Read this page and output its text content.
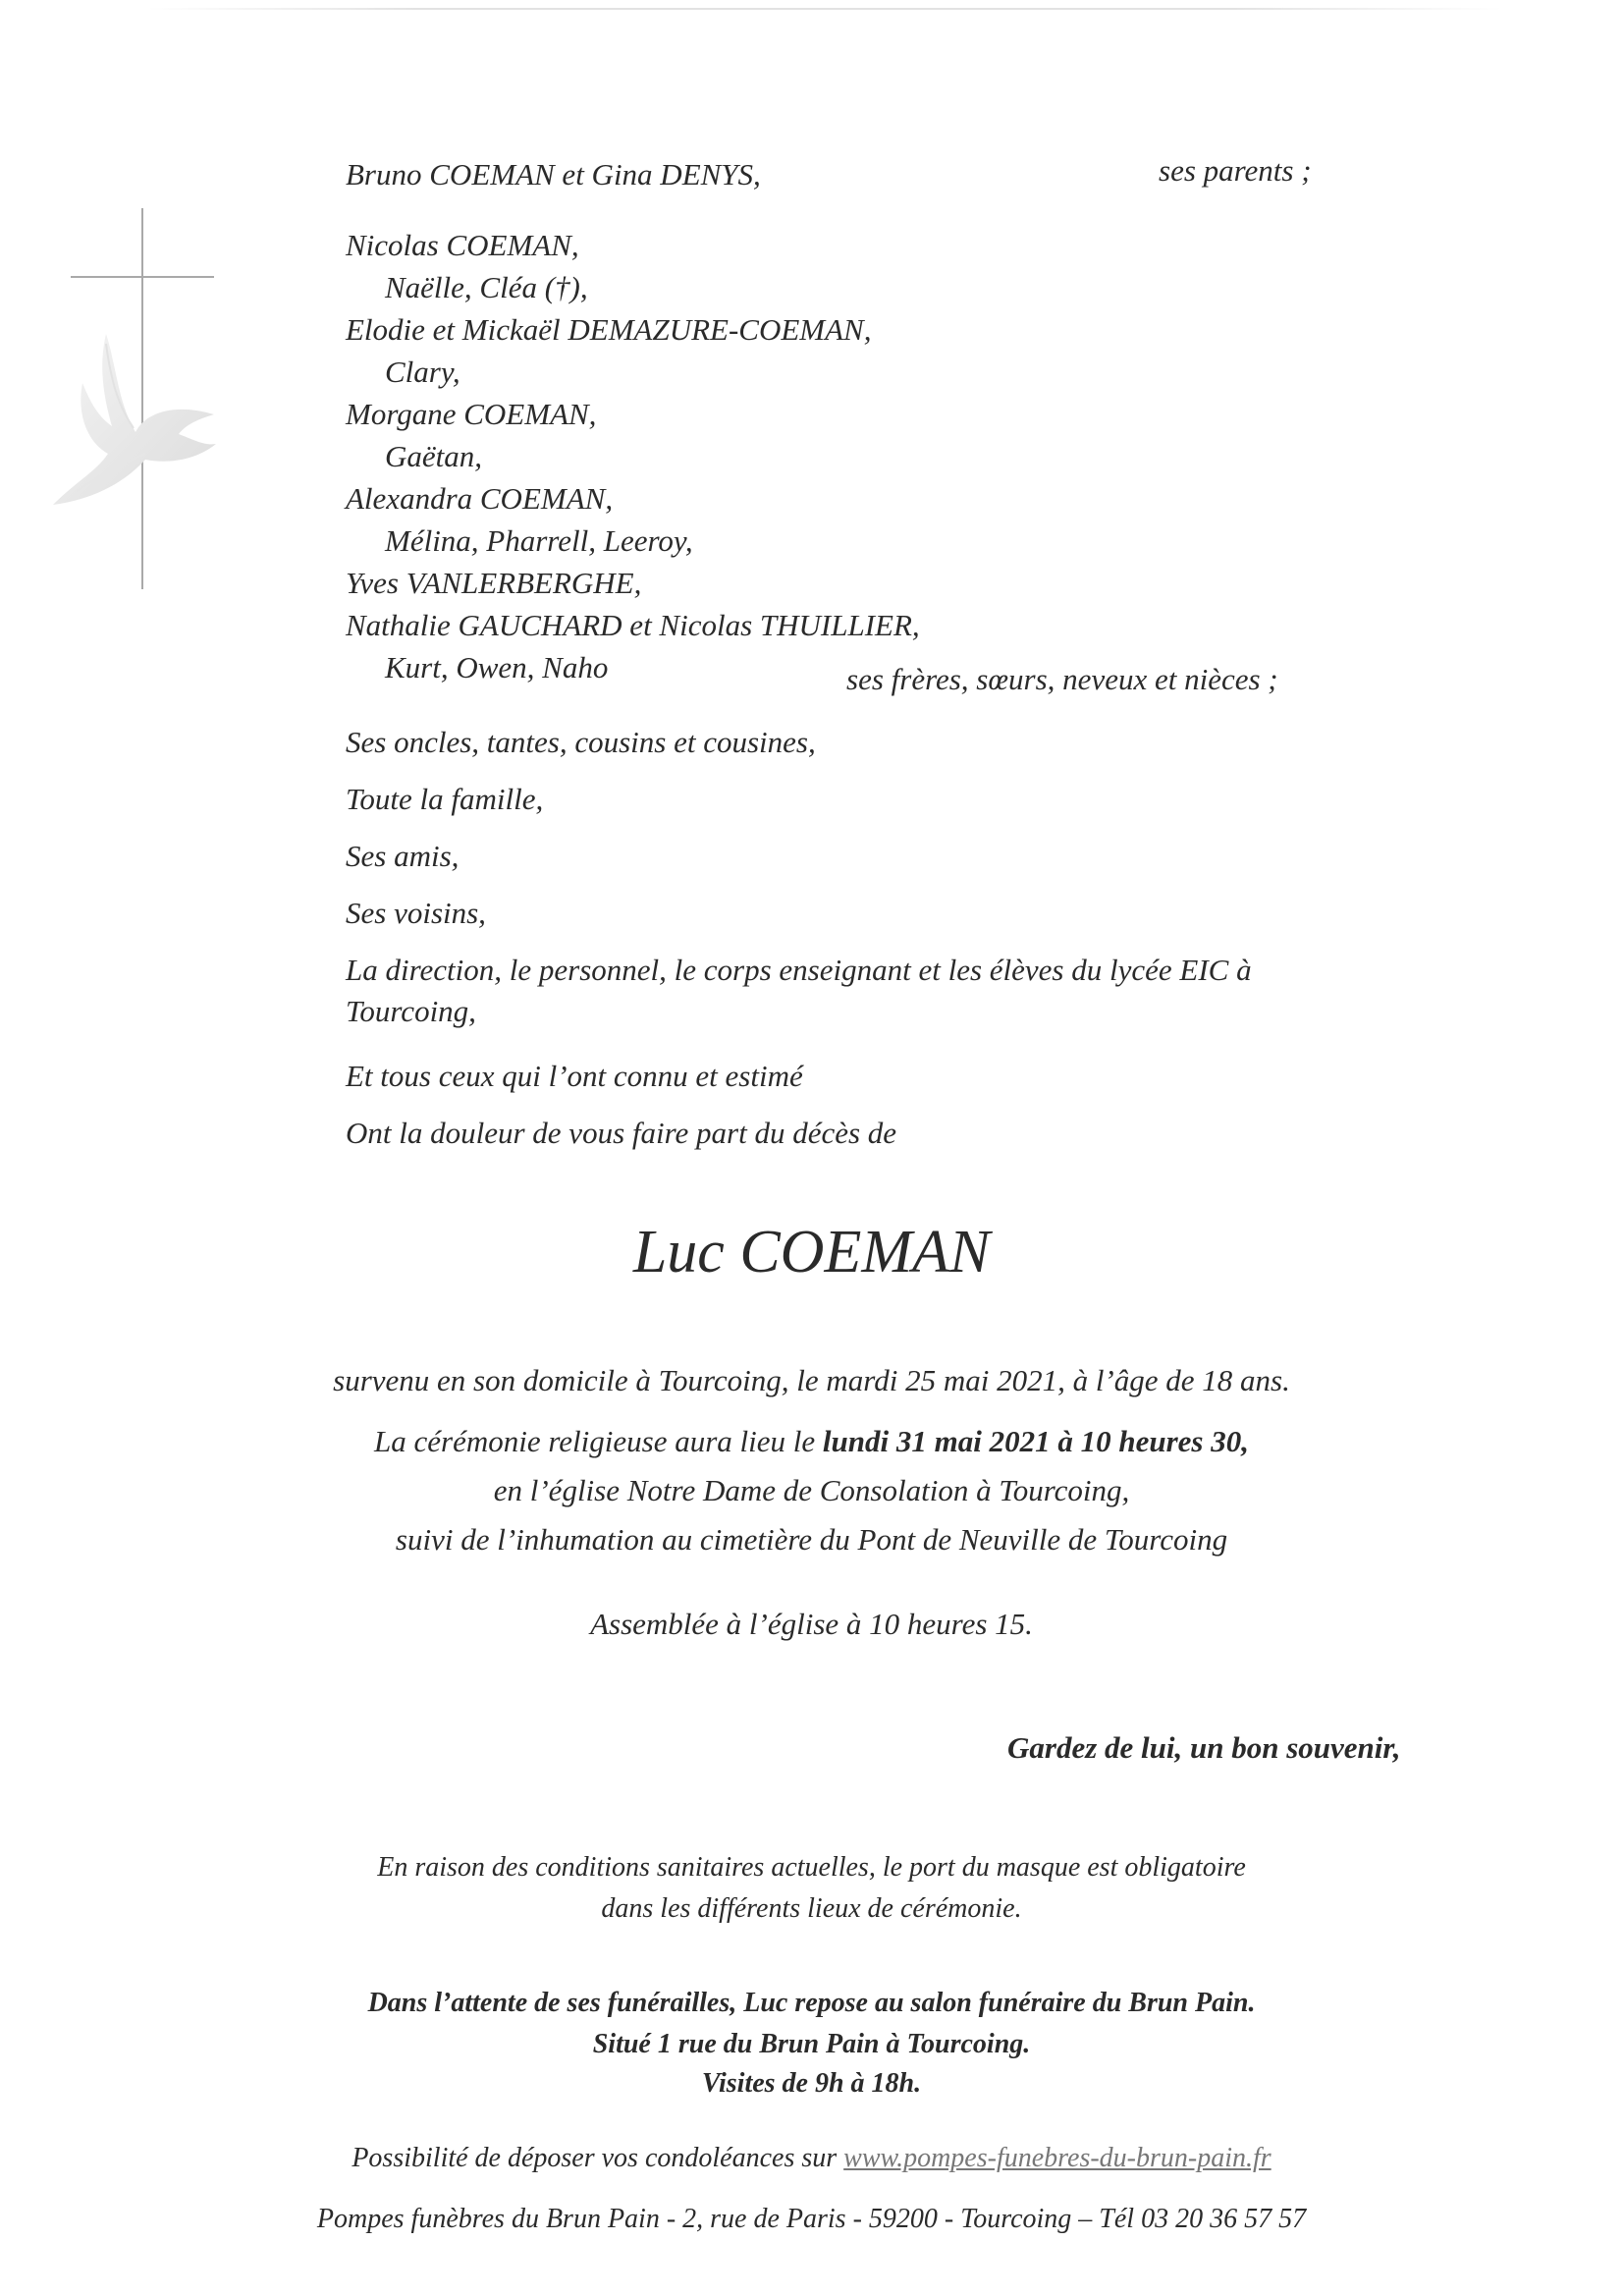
Bruno COEMAN et Gina DENYS,	ses parents ;
Nicolas COEMAN,
Naëlle, Cléa (†),
Elodie et Mickaël DEMAZURE-COEMAN,
Clary,
Morgane COEMAN,
Gaëtan,
Alexandra COEMAN,
Mélina, Pharrell, Leeroy,
Yves VANLERBERGHE,
Nathalie GAUCHARD et Nicolas THUILLIER,
Kurt, Owen, Naho	ses frères, sœurs, neveux et nièces ;
Ses oncles, tantes, cousins et cousines,
Toute la famille,
Ses amis,
Ses voisins,
La direction, le personnel, le corps enseignant et les élèves du lycée EIC à
Tourcoing,
Et tous ceux qui l’ont connu et estimé
Ont la douleur de vous faire part du décès de
Luc COEMAN
survenu en son domicile à Tourcoing, le mardi 25 mai 2021, à l’âge de 18 ans.
La cérémonie religieuse aura lieu le lundi 31 mai 2021 à 10 heures 30,
en l’église Notre Dame de Consolation à Tourcoing,
suivi de l’inhumation au cimetière du Pont de Neuville de Tourcoing
Assemblée à l’église à 10 heures 15.
Gardez de lui, un bon souvenir,
En raison des conditions sanitaires actuelles, le port du masque est obligatoire
dans les différents lieux de cérémonie.
Dans l’attente de ses funérailles, Luc repose au salon funéraire du Brun Pain.
Situé 1 rue du Brun Pain à Tourcoing.
Visites de 9h à 18h.
Possibilité de déposer vos condoléances sur www.pompes-funebres-du-brun-pain.fr
Pompes funèbres du Brun Pain - 2, rue de Paris - 59200 - Tourcoing – Tél 03 20 36 57 57
